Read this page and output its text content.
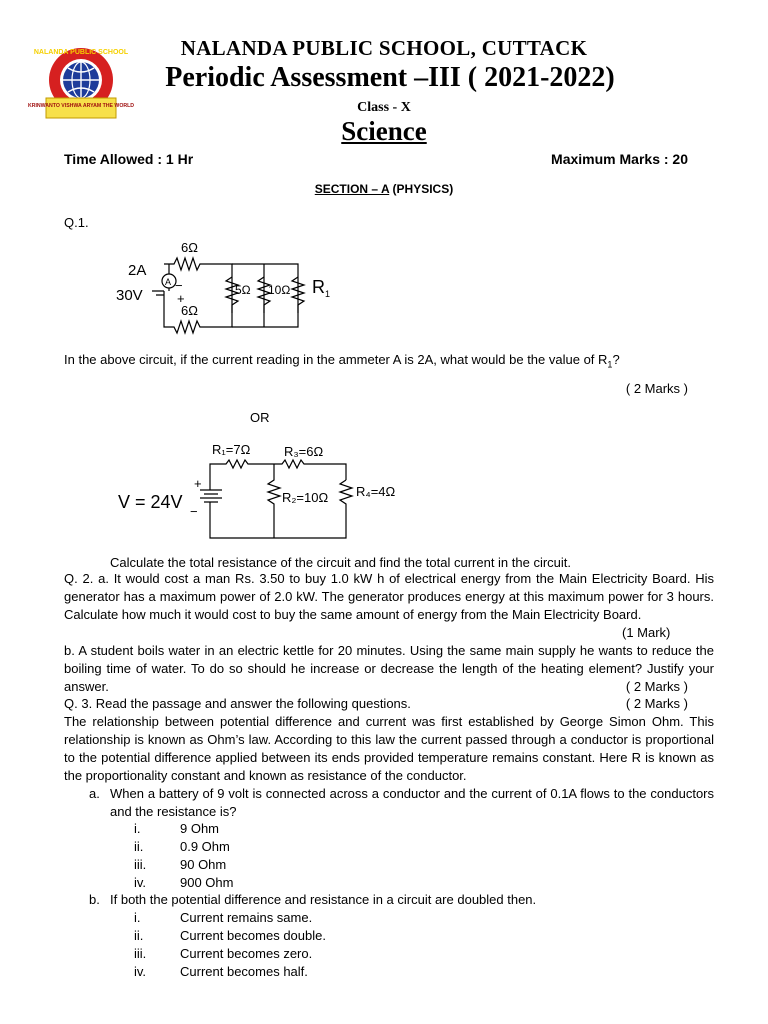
NALANDA PUBLIC SCHOOL
KRINWANTO VISHWA ARYAM THE WORLD
NALANDA PUBLIC SCHOOL, CUTTACK
Periodic Assessment –III ( 2021-2022)
Class - X
Science
Time Allowed : 1 Hr	Maximum Marks : 20
SECTION – A (PHYSICS)
Q.1.
6Ω
2A
A
30V
−
+
6Ω
5Ω 10Ω R 1
In the above circuit, if the current reading in the ammeter A is 2A, what would be the value of $R_1$?
( 2 Marks )
OR
R₁=7Ω	R₃=6Ω
R₂=10Ω R₄=4Ω
V = 24V
+
−
Calculate the total resistance of the circuit and find the total current in the circuit.
Q. 2. a. It would cost a man Rs. 3.50 to buy 1.0 kW h of electrical energy from the Main Electricity Board. His generator has a maximum power of 2.0 kW. The generator produces energy at this maximum power for 3 hours. Calculate how much it would cost to buy the same amount of energy from the Main Electricity Board.
(1 Mark)
b. A student boils water in an electric kettle for 20 minutes. Using the same main supply he wants to reduce the boiling time of water. To do so should he increase or decrease the length of the heating element? Justify your answer.	( 2 Marks )
Q. 3. Read the passage and answer the following questions.	( 2 Marks )
The relationship between potential difference and current was first established by George Simon Ohm. This relationship is known as Ohm’s law. According to this law the current passed through a conductor is proportional to the potential difference applied between its ends provided temperature remains constant. Here R is known as the proportionality constant and known as resistance of the conductor.
a. When a battery of 9 volt is connected across a conductor and the current of 0.1A flows to the conductors and the resistance is?
i.	9 Ohm
ii.	0.9 Ohm
iii.	90 Ohm
iv.	900 Ohm
b. If both the potential difference and resistance in a circuit are doubled then.
i.	Current remains same.
ii.	Current becomes double.
iii.	Current becomes zero.
iv.	Current becomes half.
